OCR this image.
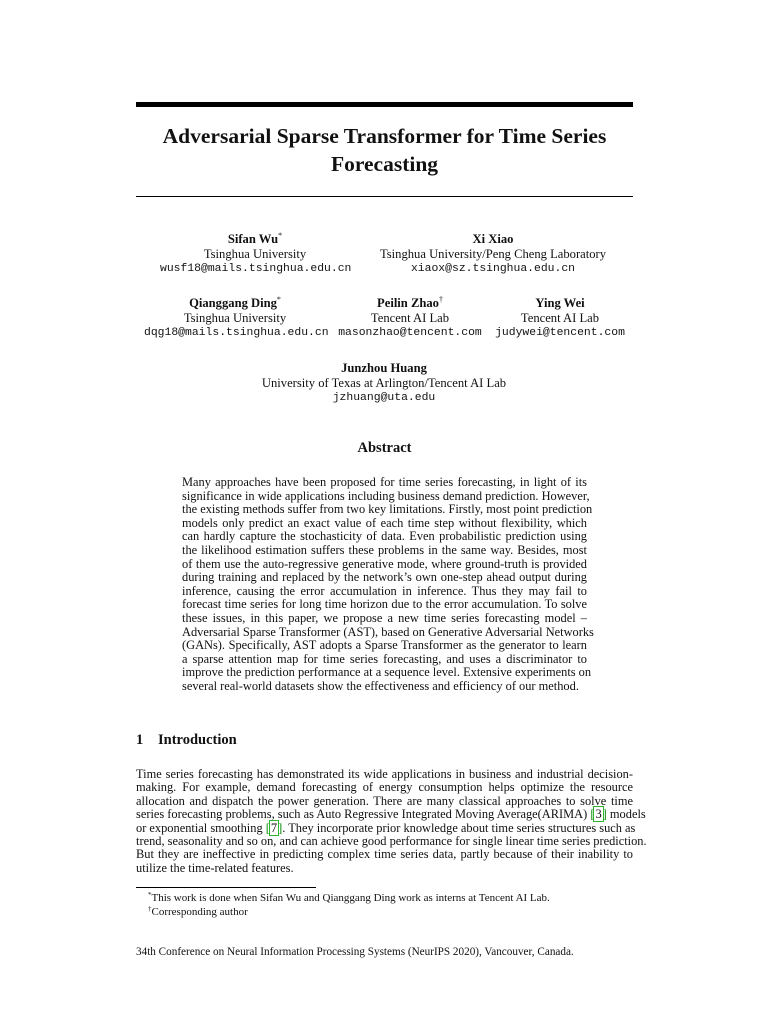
Adversarial Sparse Transformer for Time Series
Forecasting
Sifan Wu*
Tsinghua University
wusf18@mails.tsinghua.edu.cn
Xi Xiao
Tsinghua University/Peng Cheng Laboratory
xiaox@sz.tsinghua.edu.cn
Qianggang Ding*
Tsinghua University
dqg18@mails.tsinghua.edu.cn
Peilin Zhao†
Tencent AI Lab
masonzhao@tencent.com
Ying Wei
Tencent AI Lab
judywei@tencent.com
Junzhou Huang
University of Texas at Arlington/Tencent AI Lab
jzhuang@uta.edu
Abstract
Many approaches have been proposed for time series forecasting, in light of its
significance in wide applications including business demand prediction. However,
the existing methods suffer from two key limitations. Firstly, most point prediction
models only predict an exact value of each time step without flexibility, which
can hardly capture the stochasticity of data. Even probabilistic prediction using
the likelihood estimation suffers these problems in the same way. Besides, most
of them use the auto-regressive generative mode, where ground-truth is provided
during training and replaced by the network’s own one-step ahead output during
inference, causing the error accumulation in inference. Thus they may fail to
forecast time series for long time horizon due to the error accumulation. To solve
these issues, in this paper, we propose a new time series forecasting model –
Adversarial Sparse Transformer (AST), based on Generative Adversarial Networks
(GANs). Specifically, AST adopts a Sparse Transformer as the generator to learn
a sparse attention map for time series forecasting, and uses a discriminator to
improve the prediction performance at a sequence level. Extensive experiments on
several real-world datasets show the effectiveness and efficiency of our method.
1 Introduction
Time series forecasting has demonstrated its wide applications in business and industrial decision-
making. For example, demand forecasting of energy consumption helps optimize the resource
allocation and dispatch the power generation. There are many classical approaches to solve time
series forecasting problems, such as Auto Regressive Integrated Moving Average(ARIMA) [3] models
or exponential smoothing [7]. They incorporate prior knowledge about time series structures such as
trend, seasonality and so on, and can achieve good performance for single linear time series prediction.
But they are ineffective in predicting complex time series data, partly because of their inability to
utilize the time-related features.
*This work is done when Sifan Wu and Qianggang Ding work as interns at Tencent AI Lab.
†Corresponding author
34th Conference on Neural Information Processing Systems (NeurIPS 2020), Vancouver, Canada.
